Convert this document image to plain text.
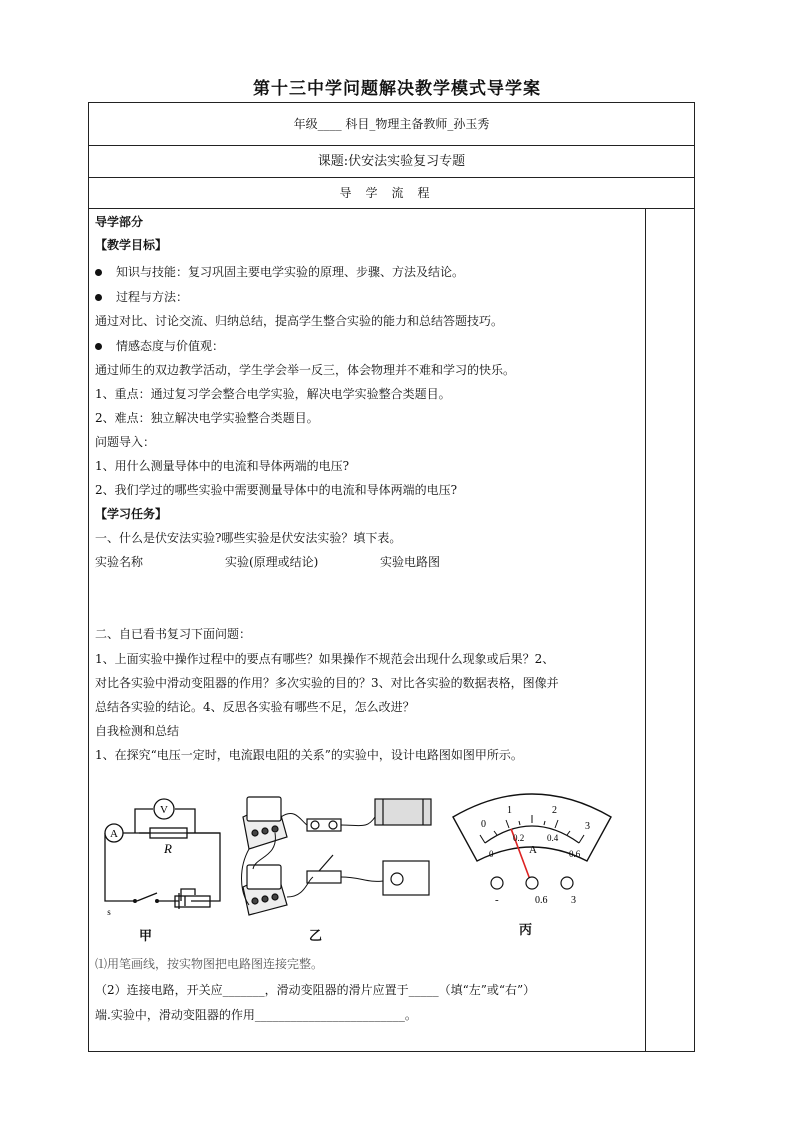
第十三中学问题解决教学模式导学案
年级____ 科目_物理主备教师_孙玉秀
课题:伏安法实验复习专题
导学流程
导学部分
【教学目标】
知识与技能：复习巩固主要电学实验的原理、步骤、方法及结论。
过程与方法：
通过对比、讨论交流、归纳总结，提高学生整合实验的能力和总结答题技巧。
情感态度与价值观：
通过师生的双边教学活动，学生学会举一反三，体会物理并不难和学习的快乐。
1、重点：通过复习学会整合电学实验，解决电学实验整合类题目。
2、难点：独立解决电学实验整合类题目。
问题导入：
1、用什么测量导体中的电流和导体两端的电压?
2、我们学过的哪些实验中需要测量导体中的电流和导体两端的电压?
【学习任务】
一、什么是伏安法实验?哪些实验是伏安法实验？填下表。
实验名称	实验(原理或结论)	实验电路图
二、自已看书复习下面问题：
1、上面实验中操作过程中的要点有哪些？如果操作不规范会出现什么现象或后果？2、
对比各实验中滑动变阻器的作用？多次实验的目的？3、对比各实验的数据表格，图像并
总结各实验的结论。4、反思各实验有哪些不足，怎么改进？
自我检测和总结
1、在探究“电压一定时，电流跟电阻的关系”的实验中，设计电路图如图甲所示。
V
A
R
s
0
1	2
3
0
0.2	0.4
0.6
A
-	0.6 3
甲	乙	丙
⑴用笔画线，按实物图把电路图连接完整。
（2）连接电路，开关应_______，滑动变阻器的滑片应置于_____（填“左”或“右”）
端.实验中，滑动变阻器的作用_________________________。
